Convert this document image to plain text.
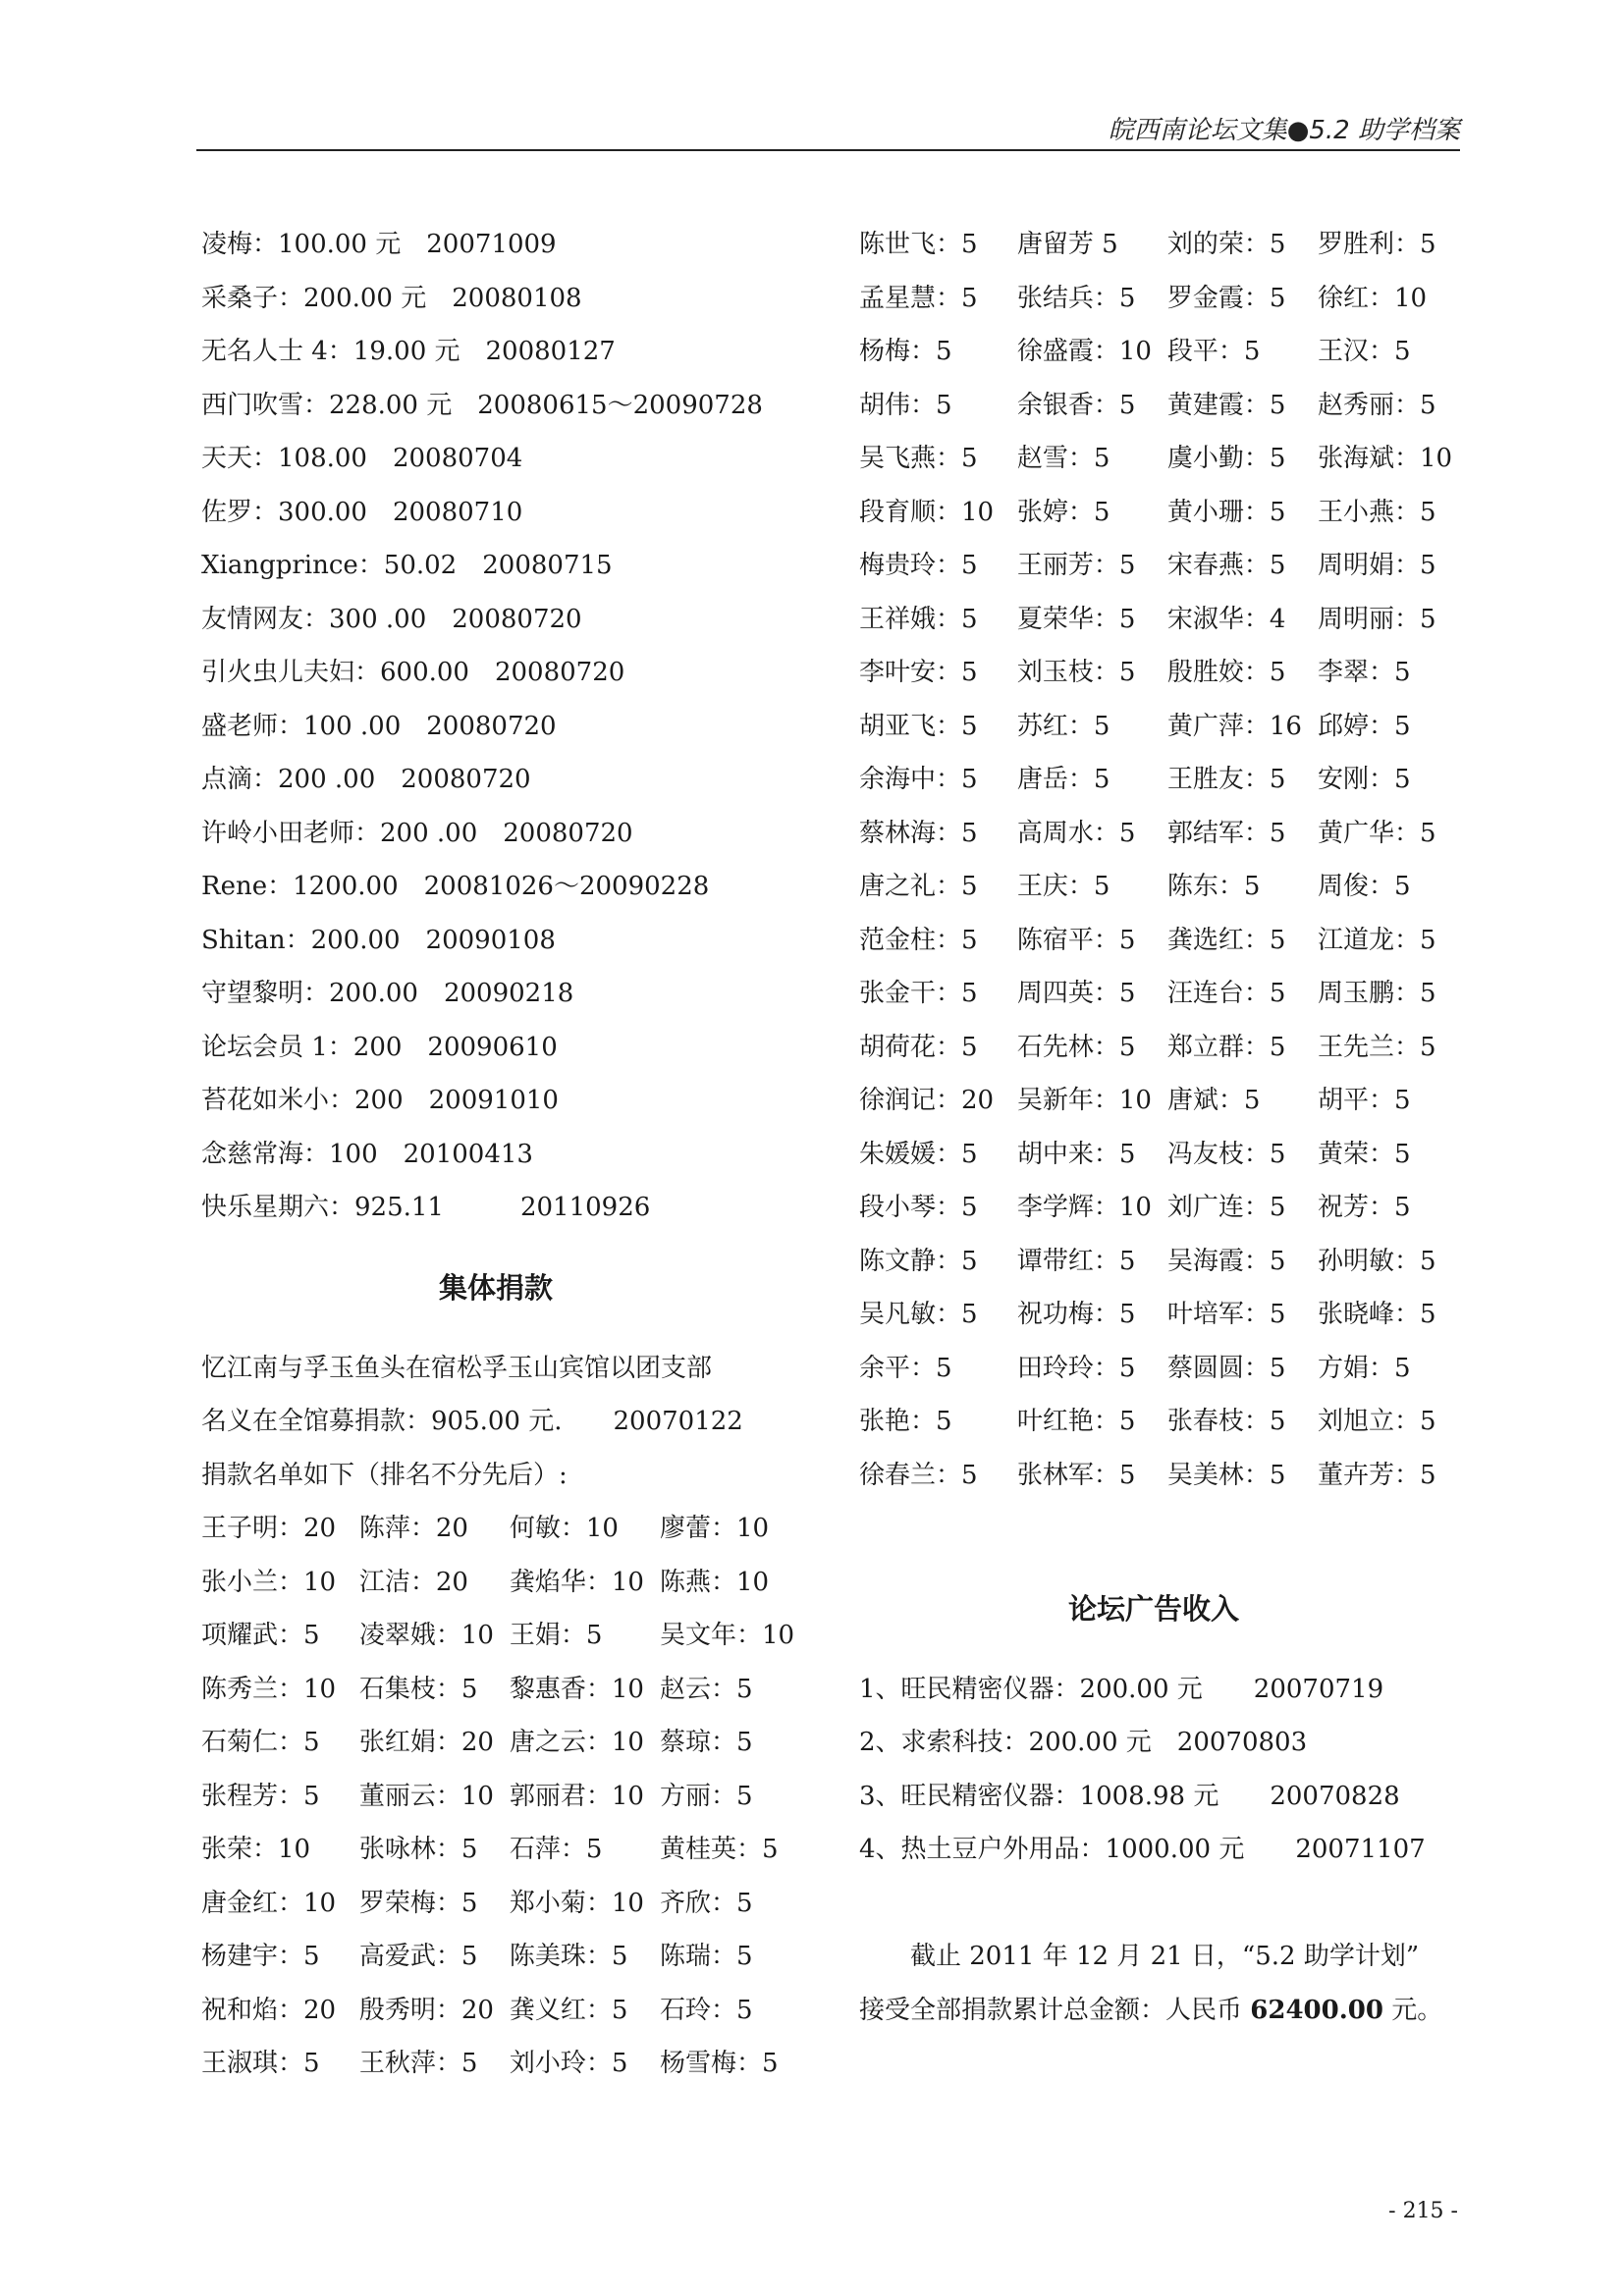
皖西南论坛文集●5.2 助学档案
凌梅：100.00 元　20071009
采桑子：200.00 元　20080108
无名人士 4：19.00 元　20080127
西门吹雪：228.00 元　20080615～20090728
天天：108.00　20080704
佐罗：300.00　20080710
Xiangprince：50.02　20080715
友情网友：300 .00　20080720
引火虫儿夫妇：600.00　20080720
盛老师：100 .00　20080720
点滴：200 .00　20080720
许岭小田老师：200 .00　20080720
Rene：1200.00　20081026～20090228
Shitan：200.00　20090108
守望黎明：200.00　20090218
论坛会员 1：200　20090610
苔花如米小：200　20091010
念慈常海：100　20100413
快乐星期六：925.11　　　20110926
集体捐款
忆江南与孚玉鱼头在宿松孚玉山宾馆以团支部
名义在全馆募捐款：905.00 元.　　20070122
捐款名单如下（排名不分先后）:
王子明：20 陈萍：20	何敏：10	廖蕾：10
张小兰：10 江洁：20	龚焰华：10 陈燕：10
项耀武：5	凌翠娥：10 王娟：5	吴文年：10
陈秀兰：10 石集枝：5	黎惠香：10 赵云：5
石菊仁：5	张红娟：20 唐之云：10 蔡琼：5
张程芳：5	董丽云：10 郭丽君：10 方丽：5
张荣：10	张咏林：5	石萍：5	黄桂英：5
唐金红：10 罗荣梅：5	郑小菊：10 齐欣：5
杨建宇：5	高爱武：5	陈美珠：5	陈瑞：5
祝和焰：20 殷秀明：20 龚义红：5	石玲：5
王淑琪：5	王秋萍：5	刘小玲：5	杨雪梅：5
陈世飞：5	唐留芳 5	刘的荣：5	罗胜利：5
孟星慧：5	张结兵：5	罗金霞：5	徐红：10
杨梅：5	徐盛霞：10 段平：5	王汉：5
胡伟：5	余银香：5	黄建霞：5	赵秀丽：5
吴飞燕：5	赵雪：5	虞小勤：5	张海斌：10
段育顺：10 张婷：5	黄小珊：5	王小燕：5
梅贵玲：5	王丽芳：5	宋春燕：5	周明娟：5
王祥娥：5	夏荣华：5	宋淑华：4	周明丽：5
李叶安：5	刘玉枝：5	殷胜姣：5	李翠：5
胡亚飞：5	苏红：5	黄广萍：16 邱婷：5
余海中：5	唐岳：5	王胜友：5	安刚：5
蔡林海：5	高周水：5	郭结军：5	黄广华：5
唐之礼：5	王庆：5	陈东：5	周俊：5
范金柱：5	陈宿平：5	龚选红：5	江道龙：5
张金干：5	周四英：5	汪连台：5	周玉鹏：5
胡荷花：5	石先林：5	郑立群：5	王先兰：5
徐润记：20 吴新年：10 唐斌：5	胡平：5
朱媛媛：5	胡中来：5	冯友枝：5	黄荣：5
段小琴：5	李学辉：10 刘广连：5	祝芳：5
陈文静：5	谭带红：5	吴海霞：5	孙明敏：5
吴凡敏：5	祝功梅：5	叶培军：5	张晓峰：5
余平：5	田玲玲：5	蔡圆圆：5	方娟：5
张艳：5	叶红艳：5	张春枝：5	刘旭立：5
徐春兰：5	张林军：5	吴美林：5	董卉芳：5
论坛广告收入
1、旺民精密仪器：200.00 元　　20070719
2、求索科技：200.00 元　20070803
3、旺民精密仪器：1008.98 元　　20070828
4、热土豆户外用品：1000.00 元　　20071107
截止 2011 年 12 月 21 日，“5.2 助学计划”
接受全部捐款累计总金额：人民币 62400.00 元。
- 215 -
